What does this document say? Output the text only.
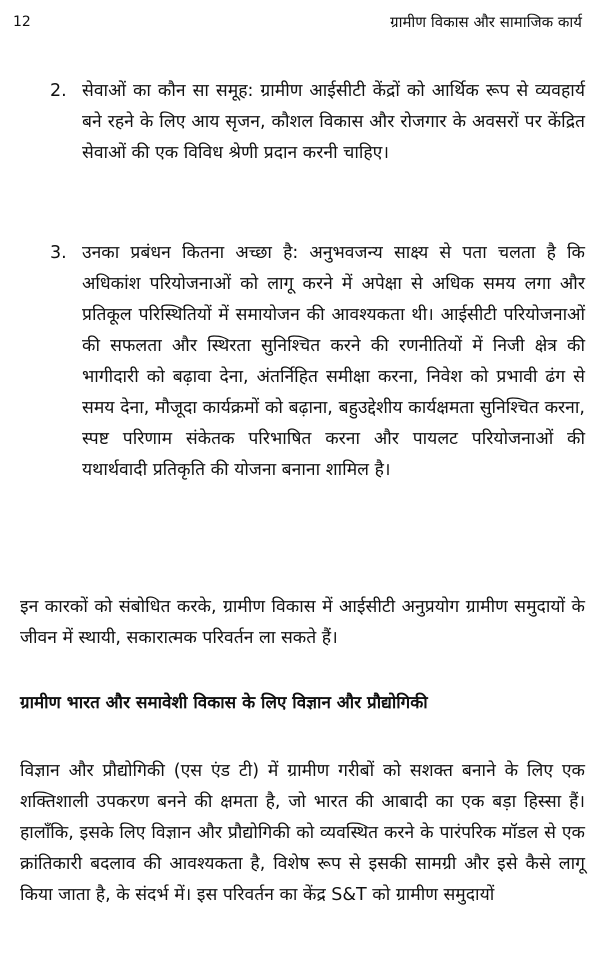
12	ग्रामीण विकास और सामाजिक कार्य
2. सेवाओं का कौन सा समूह: ग्रामीण आईसीटी केंद्रों को आर्थिक रूप से व्यवहार्य बने रहने के लिए आय सृजन, कौशल विकास और रोजगार के अवसरों पर केंद्रित सेवाओं की एक विविध श्रेणी प्रदान करनी चाहिए।
3. उनका प्रबंधन कितना अच्छा है: अनुभवजन्य साक्ष्य से पता चलता है कि अधिकांश परियोजनाओं को लागू करने में अपेक्षा से अधिक समय लगा और प्रतिकूल परिस्थितियों में समायोजन की आवश्यकता थी। आईसीटी परियोजनाओं की सफलता और स्थिरता सुनिश्चित करने की रणनीतियों में निजी क्षेत्र की भागीदारी को बढ़ावा देना, अंतर्निहित समीक्षा करना, निवेश को प्रभावी ढंग से समय देना, मौजूदा कार्यक्रमों को बढ़ाना, बहुउद्देशीय कार्यक्षमता सुनिश्चित करना, स्पष्ट परिणाम संकेतक परिभाषित करना और पायलट परियोजनाओं की यथार्थवादी प्रतिकृति की योजना बनाना शामिल है।
इन कारकों को संबोधित करके, ग्रामीण विकास में आईसीटी अनुप्रयोग ग्रामीण समुदायों के जीवन में स्थायी, सकारात्मक परिवर्तन ला सकते हैं।
ग्रामीण भारत और समावेशी विकास के लिए विज्ञान और प्रौद्योगिकी
विज्ञान और प्रौद्योगिकी (एस एंड टी) में ग्रामीण गरीबों को सशक्त बनाने के लिए एक शक्तिशाली उपकरण बनने की क्षमता है, जो भारत की आबादी का एक बड़ा हिस्सा हैं। हालाँकि, इसके लिए विज्ञान और प्रौद्योगिकी को व्यवस्थित करने के पारंपरिक मॉडल से एक क्रांतिकारी बदलाव की आवश्यकता है, विशेष रूप से इसकी सामग्री और इसे कैसे लागू किया जाता है, के संदर्भ में। इस परिवर्तन का केंद्र S&T को ग्रामीण समुदायों
